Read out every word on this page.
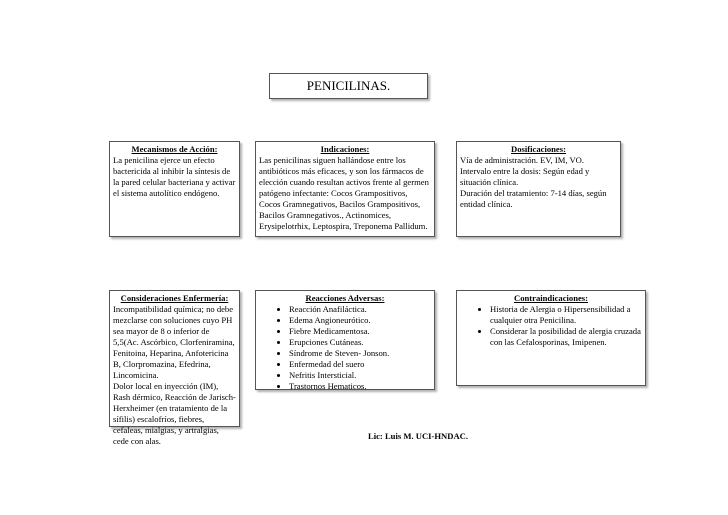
PENICILINAS.
Mecanismos de Acción:
La penicilina ejerce un efecto bactericida al inhibir la síntesis de la pared celular bacteriana y activar el sistema autolítico endógeno.
Indicaciones:
Las penicilinas siguen hallándose entre los antibióticos más eficaces, y son los fármacos de elección cuando resultan activos frente al germen patógeno infectante: Cocos Grampositivos, Cocos Gramnegativos, Bacilos Grampositivos, Bacilos Gramnegativos., Actinomices, Erysipelotrhix, Leptospira, Treponema Pallidum.
Dosificaciones:
Vía de administración. EV, IM, VO.
Intervalo entre la dosis: Según edad y situación clínica.
Duración del tratamiento: 7-14 días, según entidad clínica.
Consideraciones Enfermería:
Incompatibilidad química; no debe mezclarse con soluciones cuyo PH sea mayor de 8 o inferior de 5,5(Ac. Ascórbico, Clorfeniramina, Fenitoina, Heparina, Anfotericina B, Clorpromazina, Efedrina, Lincomicina.
Dolor local en inyección (IM), Rash dérmico, Reacción de Jarisch-Herxheimer (en tratamiento de la sífilis) escalofríos, fiebres, cefaleas, mialgias, y artralgias, cede con alas.
Reacciones Adversas:
• Reacción Anafiláctica.
• Edema Angioneurótico.
• Fiebre Medicamentosa.
• Erupciones Cutáneas.
• Síndrome de Steven- Jonson.
• Enfermedad del suero
• Nefritis Intersticial.
• Trastornos Hematicos.
Contraindicaciones:
• Historia de Alergia o Hipersensibilidad a cualquier otra Penicilina.
• Considerar la posibilidad de alergia cruzada con las Cefalosporinas, Imipenen.
Lic: Luis M. UCI-HNDAC.
